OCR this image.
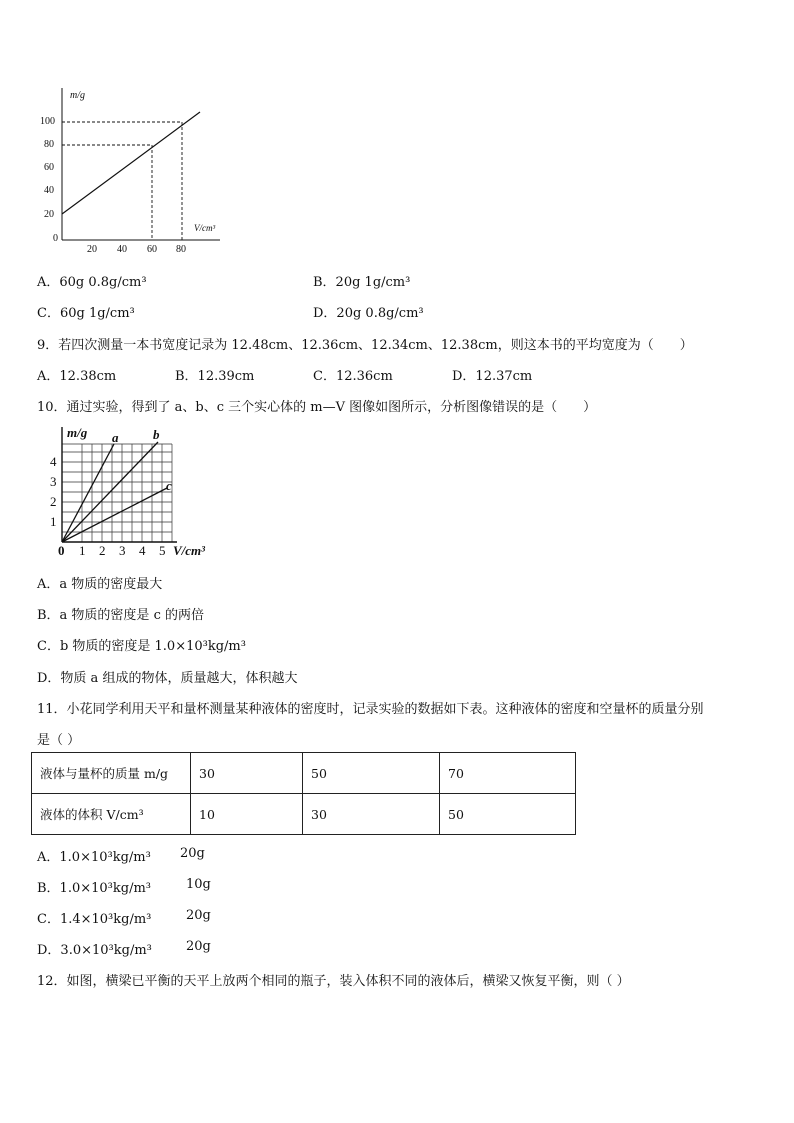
m/g
V/cm³
0
20
40
60
80
100
20 40 60 80
A．60g 0.8g/cm³	B．20g 1g/cm³
C．60g 1g/cm³	D．20g 0.8g/cm³
9．若四次测量一本书宽度记录为 12.48cm、12.36cm、12.34cm、12.38cm，则这本书的平均宽度为（　　）
A．12.38cm	B．12.39cm	C．12.36cm	D．12.37cm
10．通过实验，得到了 a、b、c 三个实心体的 m—V 图像如图所示，分析图像错误的是（　　）
m/g
V/cm³
1
2
3
4
0 1 2 3 4 5
a	b
c
A．a 物质的密度最大
B．a 物质的密度是 c 的两倍
C．b 物质的密度是 1.0×10³kg/m³
D．物质 a 组成的物体，质量越大，体积越大
11．小花同学利用天平和量杯测量某种液体的密度时，记录实验的数据如下表。这种液体的密度和空量杯的质量分别
是（ ）
液体与量杯的质量 m/g	30	50	70
液体的体积 V/cm³	10	30	50
A．1.0×10³kg/m³ 20g
B．1.0×10³kg/m³	10g
C．1.4×10³kg/m³	20g
D．3.0×10³kg/m³	20g
12．如图，横梁已平衡的天平上放两个相同的瓶子，装入体积不同的液体后，横梁又恢复平衡，则（ ）
